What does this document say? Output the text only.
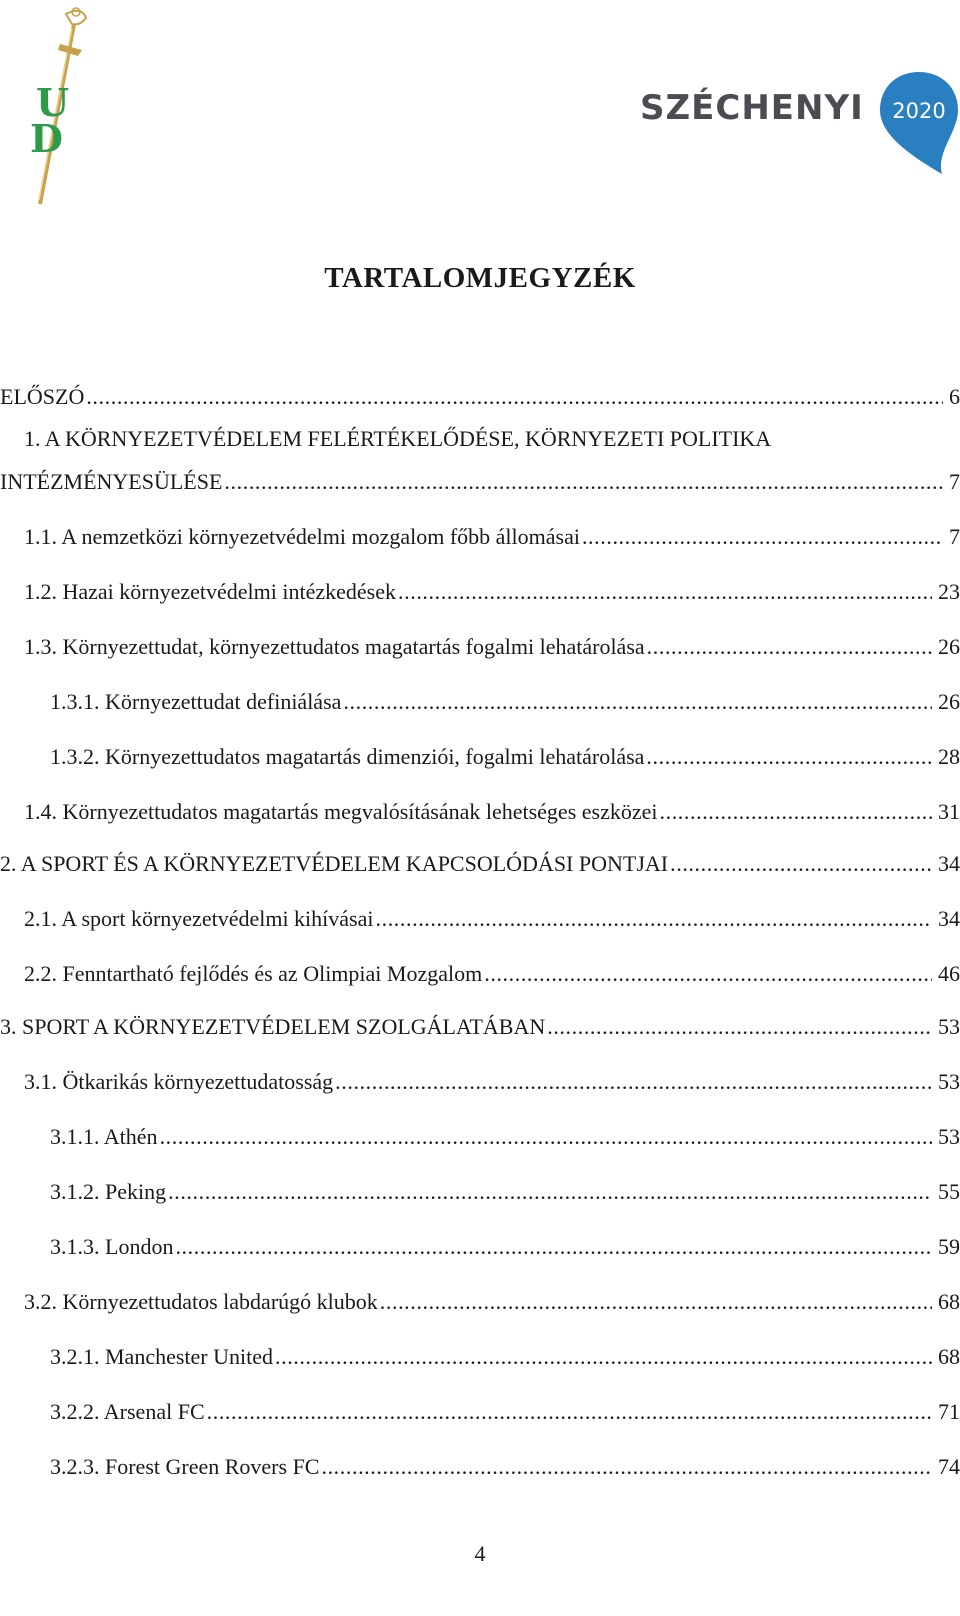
U
D
SZÉCHENYI 2020
TARTALOMJEGYZÉK
ELŐSZÓ .....	6
1. A KÖRNYEZETVÉDELEM FELÉRTÉKELŐDÉSE, KÖRNYEZETI POLITIKA
INTÉZMÉNYESÜLÉSE .....	7
1.1. A nemzetközi környezetvédelmi mozgalom főbb állomásai .....	7
1.2. Hazai környezetvédelmi intézkedések .....	23
1.3. Környezettudat, környezettudatos magatartás fogalmi lehatárolása .....	26
1.3.1. Környezettudat definiálása .....	26
1.3.2. Környezettudatos magatartás dimenziói, fogalmi lehatárolása .....	28
1.4. Környezettudatos magatartás megvalósításának lehetséges eszközei .....	31
2. A SPORT ÉS A KÖRNYEZETVÉDELEM KAPCSOLÓDÁSI PONTJAI .....	34
2.1. A sport környezetvédelmi kihívásai .....	34
2.2. Fenntartható fejlődés és az Olimpiai Mozgalom .....	46
3. SPORT A KÖRNYEZETVÉDELEM SZOLGÁLATÁBAN .....	53
3.1. Ötkarikás környezettudatosság .....	53
3.1.1. Athén .....	53
3.1.2. Peking .....	55
3.1.3. London .....	59
3.2. Környezettudatos labdarúgó klubok .....	68
3.2.1. Manchester United .....	68
3.2.2. Arsenal FC .....	71
3.2.3. Forest Green Rovers FC .....	74
4
